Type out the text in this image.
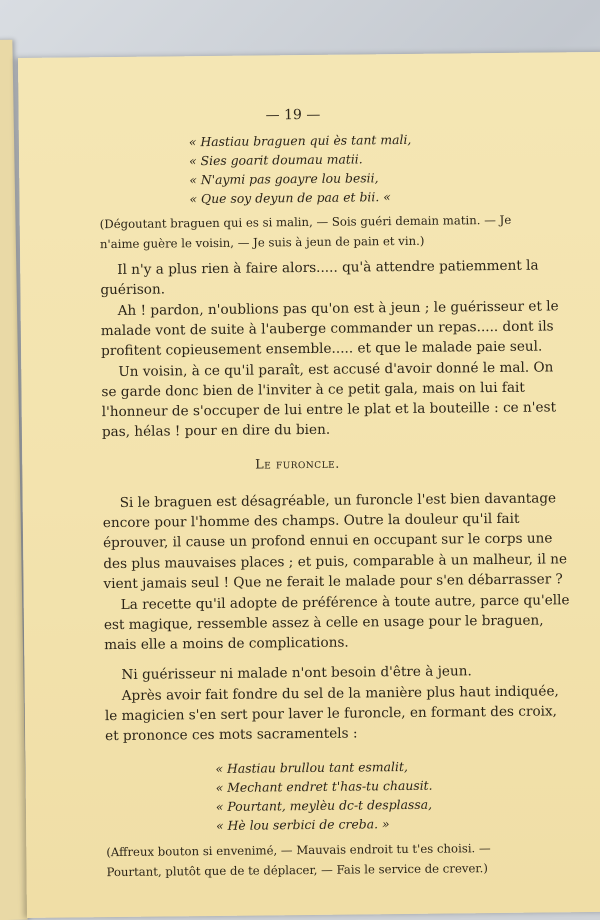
— 19 —
« Hastiau braguen qui ès tant mali,
« Sies goarit doumau matii.
« N'aymi pas goayre lou besii,
« Que soy deyun de paa et bii. «
(Dégoutant braguen qui es si malin, — Sois guéri demain matin. — Je
n'aime guère le voisin, — Je suis à jeun de pain et vin.)
Il n'y a plus rien à faire alors..... qu'à attendre patiemment la
guérison.
Ah ! pardon, n'oublions pas qu'on est à jeun ; le guérisseur et le
malade vont de suite à l'auberge commander un repas..... dont ils
profitent copieusement ensemble..... et que le malade paie seul.
Un voisin, à ce qu'il paraît, est accusé d'avoir donné le mal. On
se garde donc bien de l'inviter à ce petit gala, mais on lui fait
l'honneur de s'occuper de lui entre le plat et la bouteille : ce n'est
pas, hélas ! pour en dire du bien.
Le furoncle.
Si le braguen est désagréable, un furoncle l'est bien davantage
encore pour l'homme des champs. Outre la douleur qu'il fait
éprouver, il cause un profond ennui en occupant sur le corps une
des plus mauvaises places ; et puis, comparable à un malheur, il ne
vient jamais seul ! Que ne ferait le malade pour s'en débarrasser ?
La recette qu'il adopte de préférence à toute autre, parce qu'elle
est magique, ressemble assez à celle en usage pour le braguen,
mais elle a moins de complications.
Ni guérisseur ni malade n'ont besoin d'être à jeun.
Après avoir fait fondre du sel de la manière plus haut indiquée,
le magicien s'en sert pour laver le furoncle, en formant des croix,
et prononce ces mots sacramentels :
« Hastiau brullou tant esmalit,
« Mechant endret t'has-tu chausit.
« Pourtant, meylèu dc-t desplassa,
« Hè lou serbici de creba. »
(Affreux bouton si envenimé, — Mauvais endroit tu t'es choisi. —
Pourtant, plutôt que de te déplacer, — Fais le service de crever.)
